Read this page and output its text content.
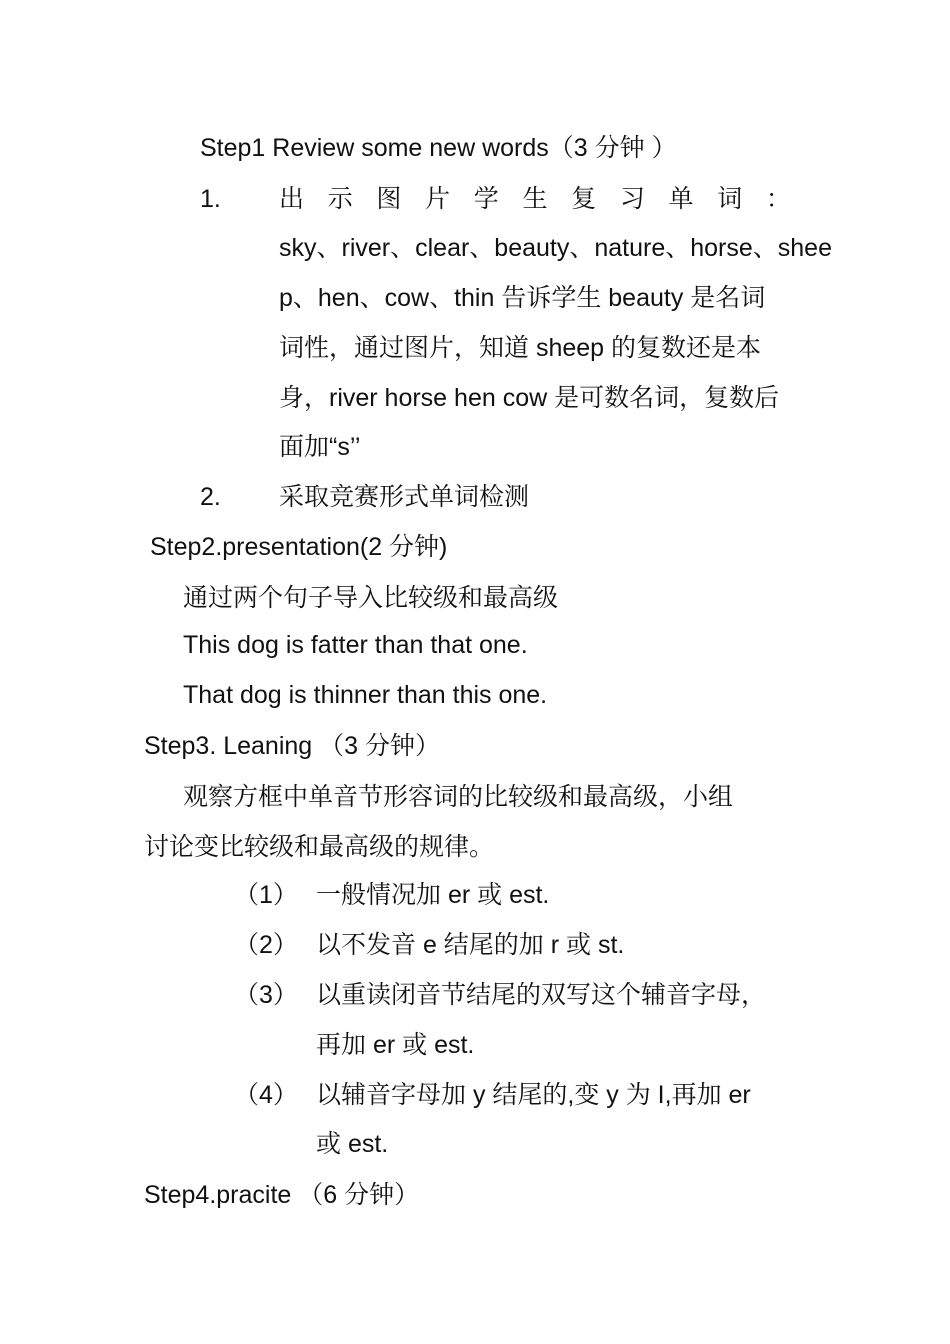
Step1 Review some new words（3 分钟 ）
1. 出 示 图 片 学 生 复 习 单 词 ：
sky、river、clear、beauty、nature、horse、shee
p、hen、cow、thin 告诉学生 beauty 是名词
词性，通过图片，知道 sheep 的复数还是本
身，river horse hen cow 是可数名词，复数后
面加“s’’
2. 采取竞赛形式单词检测
Step2.presentation(2 分钟)
通过两个句子导入比较级和最高级
This dog is fatter than that one.
That dog is thinner than this one.
Step3. Leaning （3 分钟）
观察方框中单音节形容词的比较级和最高级，小组
讨论变比较级和最高级的规律。
（1） 一般情况加 er 或 est.
（2） 以不发音 e 结尾的加 r 或 st.
（3） 以重读闭音节结尾的双写这个辅音字母，
再加 er 或 est.
（4） 以辅音字母加 y 结尾的,变 y 为 I,再加 er
或 est.
Step4.pracite （6 分钟）
